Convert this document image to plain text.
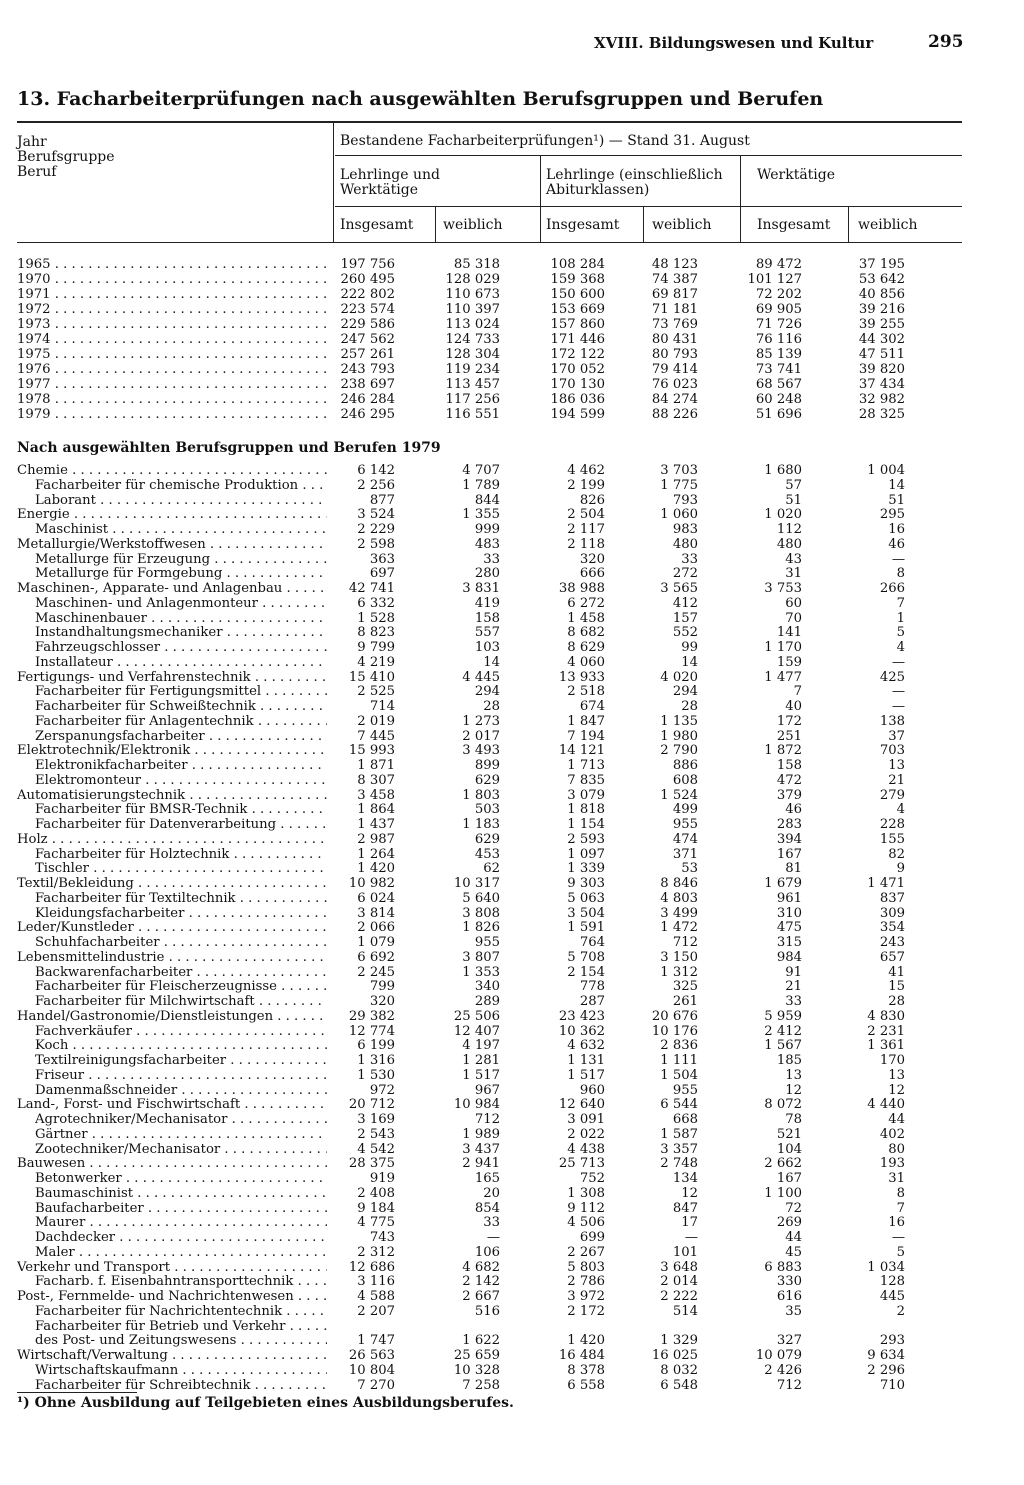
XVIII. Bildungswesen und Kultur	295
13. Facharbeiterprüfungen nach ausgewählten Berufsgruppen und Berufen
Jahr
Berufsgruppe
Beruf
Bestandene Facharbeiterprüfungen¹) — Stand 31. August
Lehrlinge und Werktätige
Lehrlinge (einschließlich Abiturklassen)
Werktätige
Insgesamt weiblich	Insgesamt weiblich	Insgesamt weiblich
1965 . . .	197 756	85 318	108 284	48 123	89 472	37 195
1970 . . .	260 495	128 029	159 368	74 387	101 127	53 642
1971 . . .	222 802	110 673	150 600	69 817	72 202	40 856
1972 . . .	223 574	110 397	153 669	71 181	69 905	39 216
1973 . . .	229 586	113 024	157 860	73 769	71 726	39 255
1974 . . .	247 562	124 733	171 446	80 431	76 116	44 302
1975 . . .	257 261	128 304	172 122	80 793	85 139	47 511
1976 . . .	243 793	119 234	170 052	79 414	73 741	39 820
1977 . . .	238 697	113 457	170 130	76 023	68 567	37 434
1978 . . .	246 284	117 256	186 036	84 274	60 248	32 982
1979 . . .	246 295	116 551	194 599	88 226	51 696	28 325
Nach ausgewählten Berufsgruppen und Berufen 1979
Chemie . . .	6 142	4 707	4 462	3 703	1 680	1 004
Facharbeiter für chemische Produktion . . .	2 256	1 789	2 199	1 775	57	14
Laborant . . .	877	844	826	793	51	51
Energie . . .	3 524	1 355	2 504	1 060	1 020	295
Maschinist . . .	2 229	999	2 117	983	112	16
Metallurgie/Werkstoffwesen . . .	2 598	483	2 118	480	480	46
Metallurge für Erzeugung . . .	363	33	320	33	43	—
Metallurge für Formgebung . . .	697	280	666	272	31	8
Maschinen-, Apparate- und Anlagenbau . . .	42 741	3 831	38 988	3 565	3 753	266
Maschinen- und Anlagenmonteur . . .	6 332	419	6 272	412	60	7
Maschinenbauer . . .	1 528	158	1 458	157	70	1
Instandhaltungsmechaniker . . .	8 823	557	8 682	552	141	5
Fahrzeugschlosser . . .	9 799	103	8 629	99	1 170	4
Installateur . . .	4 219	14	4 060	14	159	—
Fertigungs- und Verfahrenstechnik . . .	15 410	4 445	13 933	4 020	1 477	425
Facharbeiter für Fertigungsmittel . . .	2 525	294	2 518	294	7	—
Facharbeiter für Schweißtechnik . . .	714	28	674	28	40	—
Facharbeiter für Anlagentechnik . . .	2 019	1 273	1 847	1 135	172	138
Zerspanungsfacharbeiter . . .	7 445	2 017	7 194	1 980	251	37
Elektrotechnik/Elektronik . . .	15 993	3 493	14 121	2 790	1 872	703
Elektronikfacharbeiter . . .	1 871	899	1 713	886	158	13
Elektromonteur . . .	8 307	629	7 835	608	472	21
Automatisierungstechnik . . .	3 458	1 803	3 079	1 524	379	279
Facharbeiter für BMSR-Technik . . .	1 864	503	1 818	499	46	4
Facharbeiter für Datenverarbeitung . . .	1 437	1 183	1 154	955	283	228
Holz . . .	2 987	629	2 593	474	394	155
Facharbeiter für Holztechnik . . .	1 264	453	1 097	371	167	82
Tischler . . .	1 420	62	1 339	53	81	9
Textil/Bekleidung . . .	10 982	10 317	9 303	8 846	1 679	1 471
Facharbeiter für Textiltechnik . . .	6 024	5 640	5 063	4 803	961	837
Kleidungsfacharbeiter . . .	3 814	3 808	3 504	3 499	310	309
Leder/Kunstleder . . .	2 066	1 826	1 591	1 472	475	354
Schuhfacharbeiter . . .	1 079	955	764	712	315	243
Lebensmittelindustrie . . .	6 692	3 807	5 708	3 150	984	657
Backwarenfacharbeiter . . .	2 245	1 353	2 154	1 312	91	41
Facharbeiter für Fleischerzeugnisse . . .	799	340	778	325	21	15
Facharbeiter für Milchwirtschaft . . .	320	289	287	261	33	28
Handel/Gastronomie/Dienstleistungen . . .	29 382	25 506	23 423	20 676	5 959	4 830
Fachverkäufer . . .	12 774	12 407	10 362	10 176	2 412	2 231
Koch . . .	6 199	4 197	4 632	2 836	1 567	1 361
Textilreinigungsfacharbeiter . . .	1 316	1 281	1 131	1 111	185	170
Friseur . . .	1 530	1 517	1 517	1 504	13	13
Damenmaßschneider . . .	972	967	960	955	12	12
Land-, Forst- und Fischwirtschaft . . .	20 712	10 984	12 640	6 544	8 072	4 440
Agrotechniker/Mechanisator . . .	3 169	712	3 091	668	78	44
Gärtner . . .	2 543	1 989	2 022	1 587	521	402
Zootechniker/Mechanisator . . .	4 542	3 437	4 438	3 357	104	80
Bauwesen . . .	28 375	2 941	25 713	2 748	2 662	193
Betonwerker . . .	919	165	752	134	167	31
Baumaschinist . . .	2 408	20	1 308	12	1 100	8
Baufacharbeiter . . .	9 184	854	9 112	847	72	7
Maurer . . .	4 775	33	4 506	17	269	16
Dachdecker . . .	743	—	699	—	44	—
Maler . . .	2 312	106	2 267	101	45	5
Verkehr und Transport . . .	12 686	4 682	5 803	3 648	6 883	1 034
Facharb. f. Eisenbahntransporttechnik . . .	3 116	2 142	2 786	2 014	330	128
Post-, Fernmelde- und Nachrichtenwesen . . .	4 588	2 667	3 972	2 222	616	445
Facharbeiter für Nachrichtentechnik . . .	2 207	516	2 172	514	35	2
Facharbeiter für Betrieb und Verkehr . . .
des Post- und Zeitungswesens . . .	1 747	1 622	1 420	1 329	327	293
Wirtschaft/Verwaltung . . .	26 563	25 659	16 484	16 025	10 079	9 634
Wirtschaftskaufmann . . .	10 804	10 328	8 378	8 032	2 426	2 296
Facharbeiter für Schreibtechnik . . .	7 270	7 258	6 558	6 548	712	710
¹) Ohne Ausbildung auf Teilgebieten eines Ausbildungsberufes.
